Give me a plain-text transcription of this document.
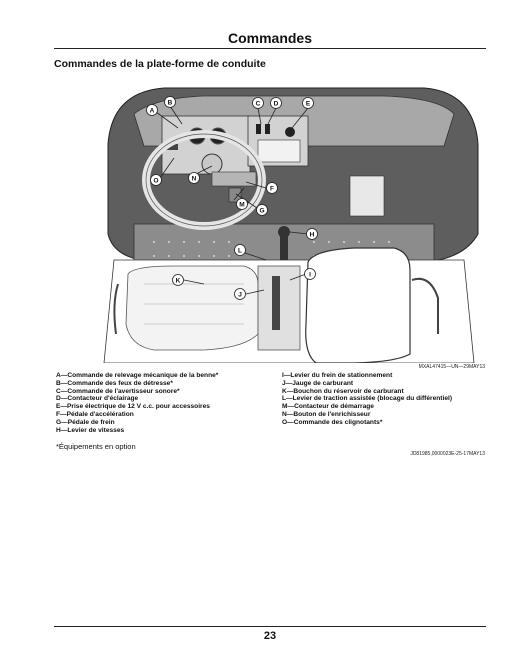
Commandes
Commandes de la plate-forme de conduite
A
B	C D	E
F
G
H
I
J
K
L
M
N
O
MXAL47415—UN—29MAY13
A—Commande de relevage mécanique de la benne*
B—Commande des feux de détresse*
C—Commande de l'avertisseur sonore*
D—Contacteur d'éclairage
E—Prise électrique de 12 V c.c. pour accessoires
F—Pédale d'accélération
G—Pédale de frein
H—Levier de vitesses
I—Levier du frein de stationnement
J—Jauge de carburant
K—Bouchon du réservoir de carburant
L—Levier de traction assistée (blocage du différentiel)
M—Contacteur de démarrage
N—Bouton de l'enrichisseur
O—Commande des clignotants*
*Équipements en option
JD81985,0000023E-25-17MAY13
23
